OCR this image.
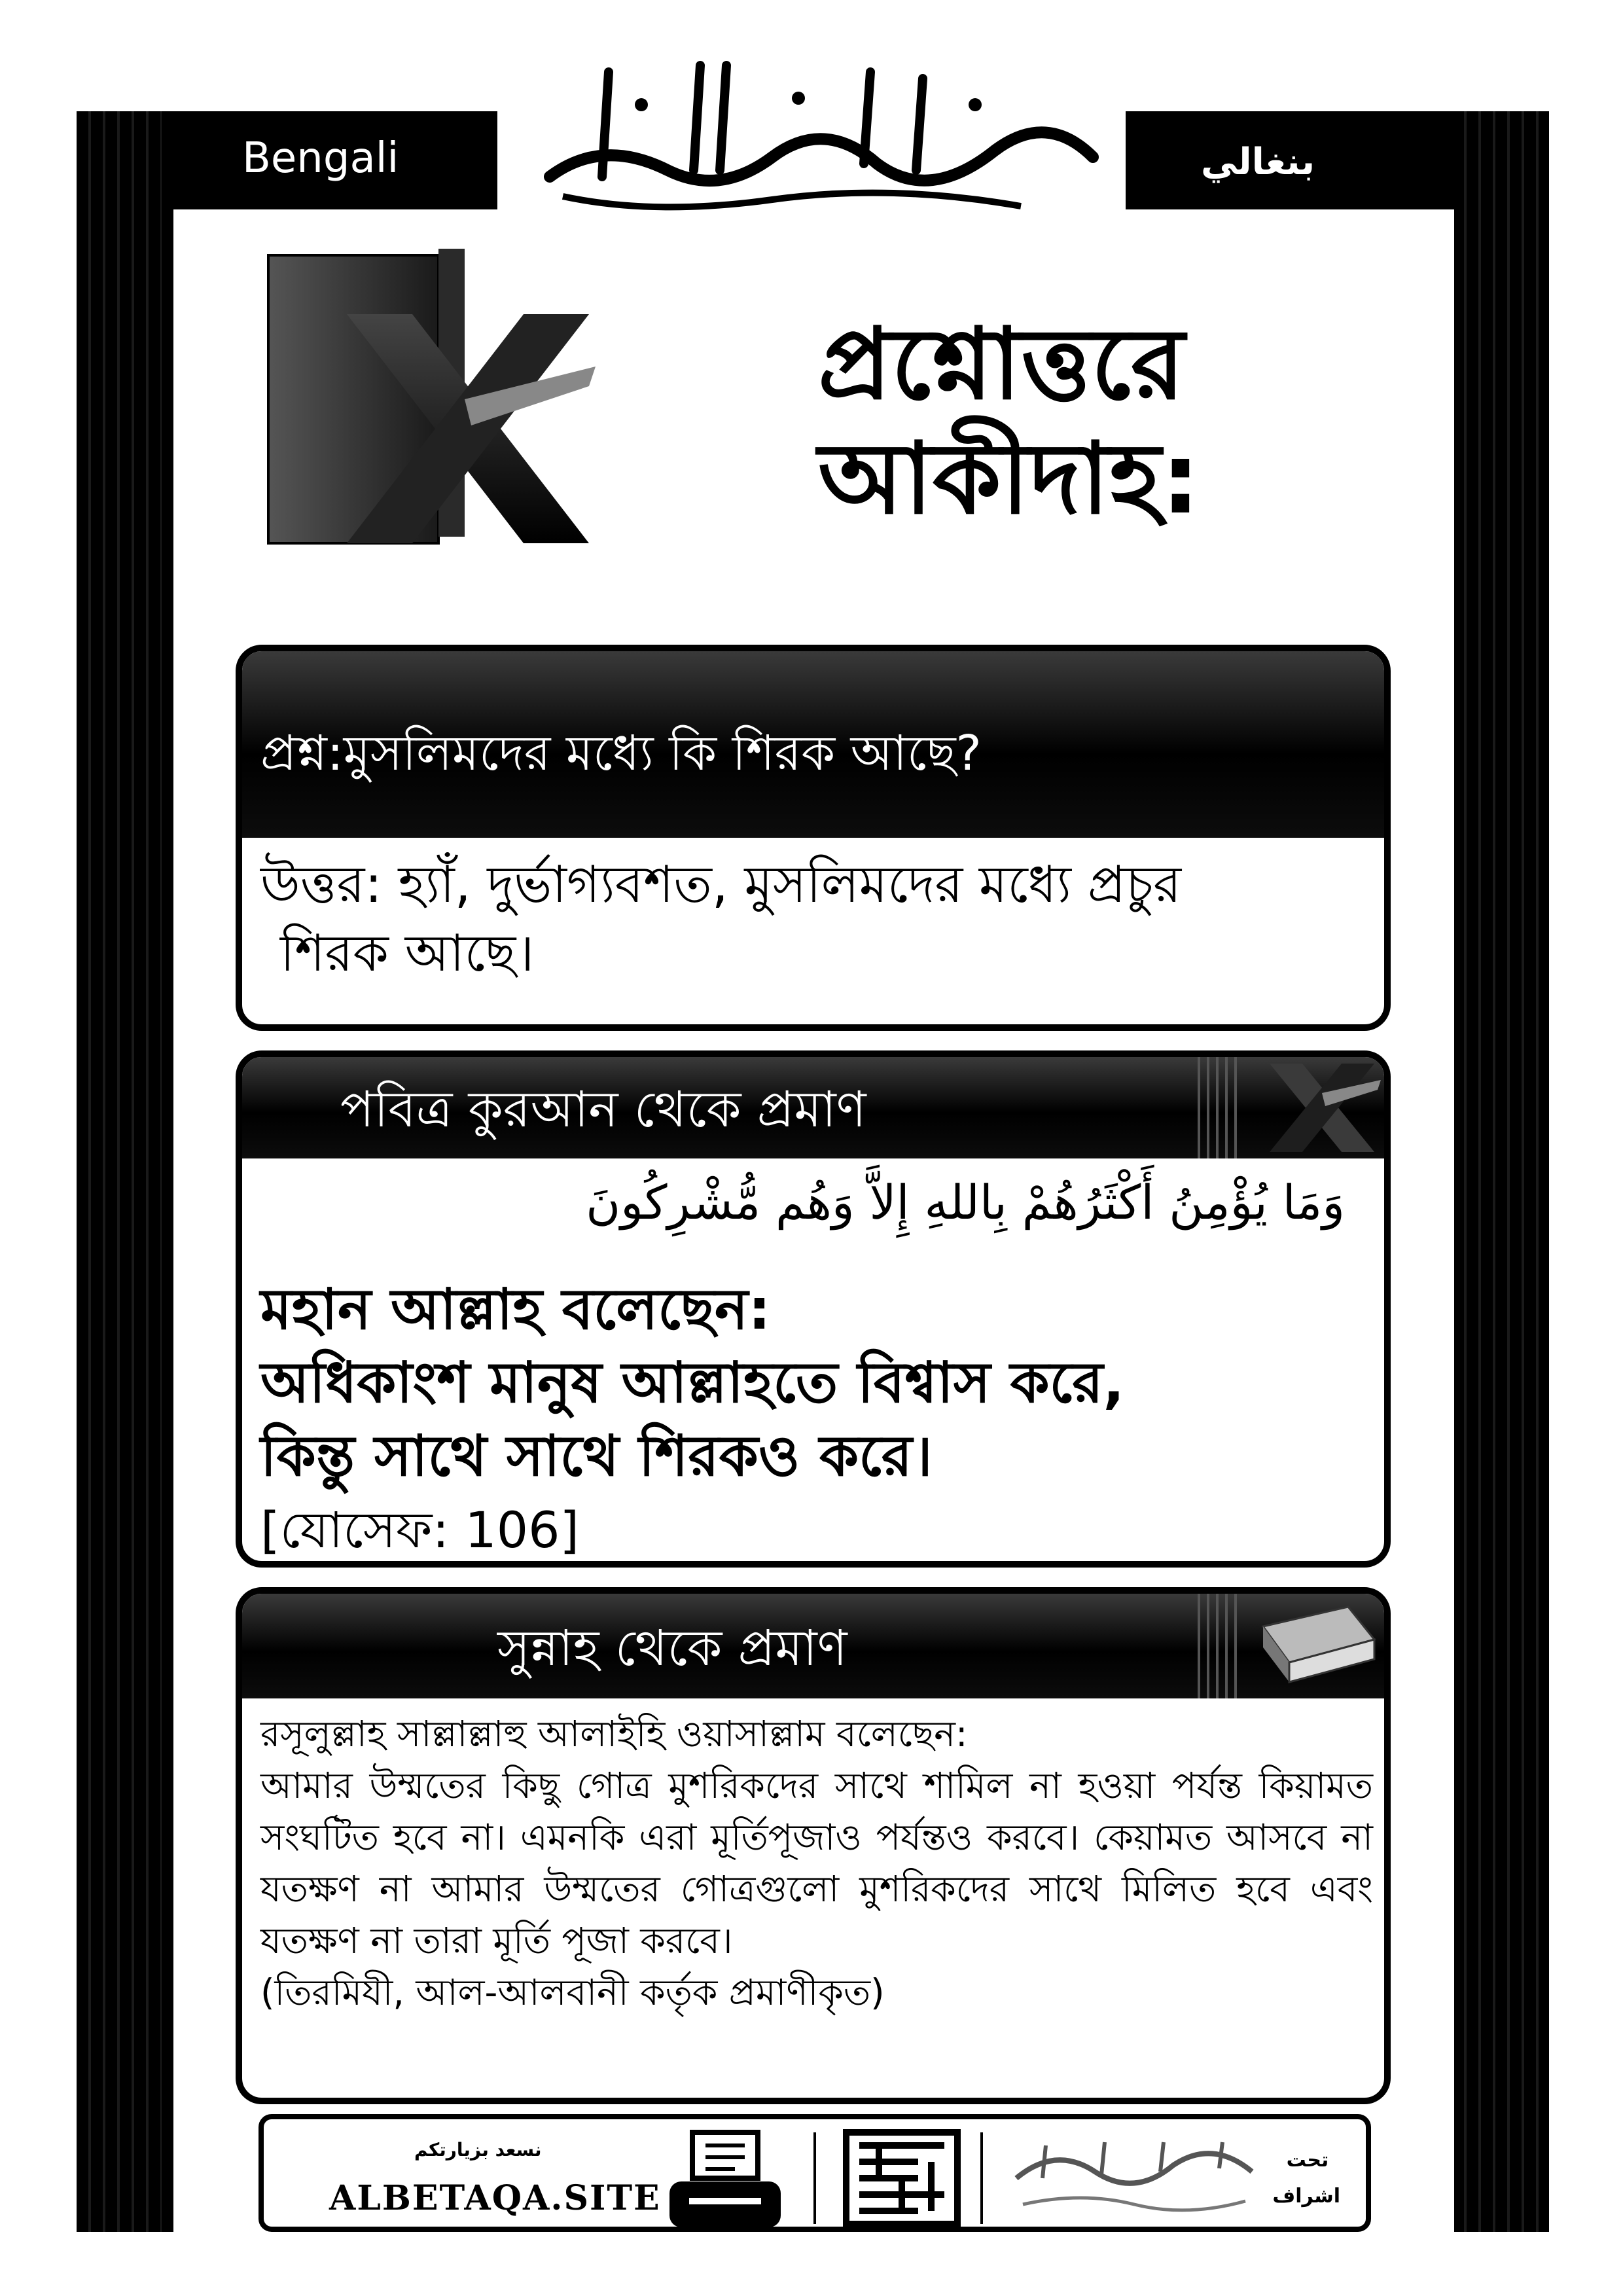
Bengali	بنغالي
প্রশ্নোত্তরে
আকীদাহ:
প্রশ্ন:মুসলিমদের মধ্যে কি শিরক আছে?
উত্তর: হ্যাঁ, দুর্ভাগ্যবশত, মুসলিমদের মধ্যে প্রচুর
শিরক আছে।
পবিত্র কুরআন থেকে প্রমাণ
وَمَا يُؤْمِنُ أَكْثَرُهُمْ بِاللهِ إِلاَّ وَهُم مُّشْرِكُونَ
মহান আল্লাহ বলেছেন:
অধিকাংশ মানুষ আল্লাহতে বিশ্বাস করে,
কিন্তু সাথে সাথে শিরকও করে।
[যোসেফ: 106]
সুন্নাহ থেকে প্রমাণ
রসূলুল্লাহ সাল্লাল্লাহু আলাইহি ওয়াসাল্লাম বলেছেন:
আমার উম্মতের কিছু গোত্র মুশরিকদের সাথে শামিল না হওয়া পর্যন্ত কিয়ামত সংঘটিত হবে না। এমনকি এরা মূর্তিপূজাও পর্যন্তও করবে। কেয়ামত আসবে না যতক্ষণ না আমার উম্মতের গোত্রগুলো মুশরিকদের সাথে মিলিত হবে এবং যতক্ষণ না তারা মূর্তি পূজা করবে।
(তিরমিযী, আল-আলবানী কর্তৃক প্রমাণীকৃত)
نسعد بزيارتكم
ALBETAQA.SITE
تحت
اشراف
